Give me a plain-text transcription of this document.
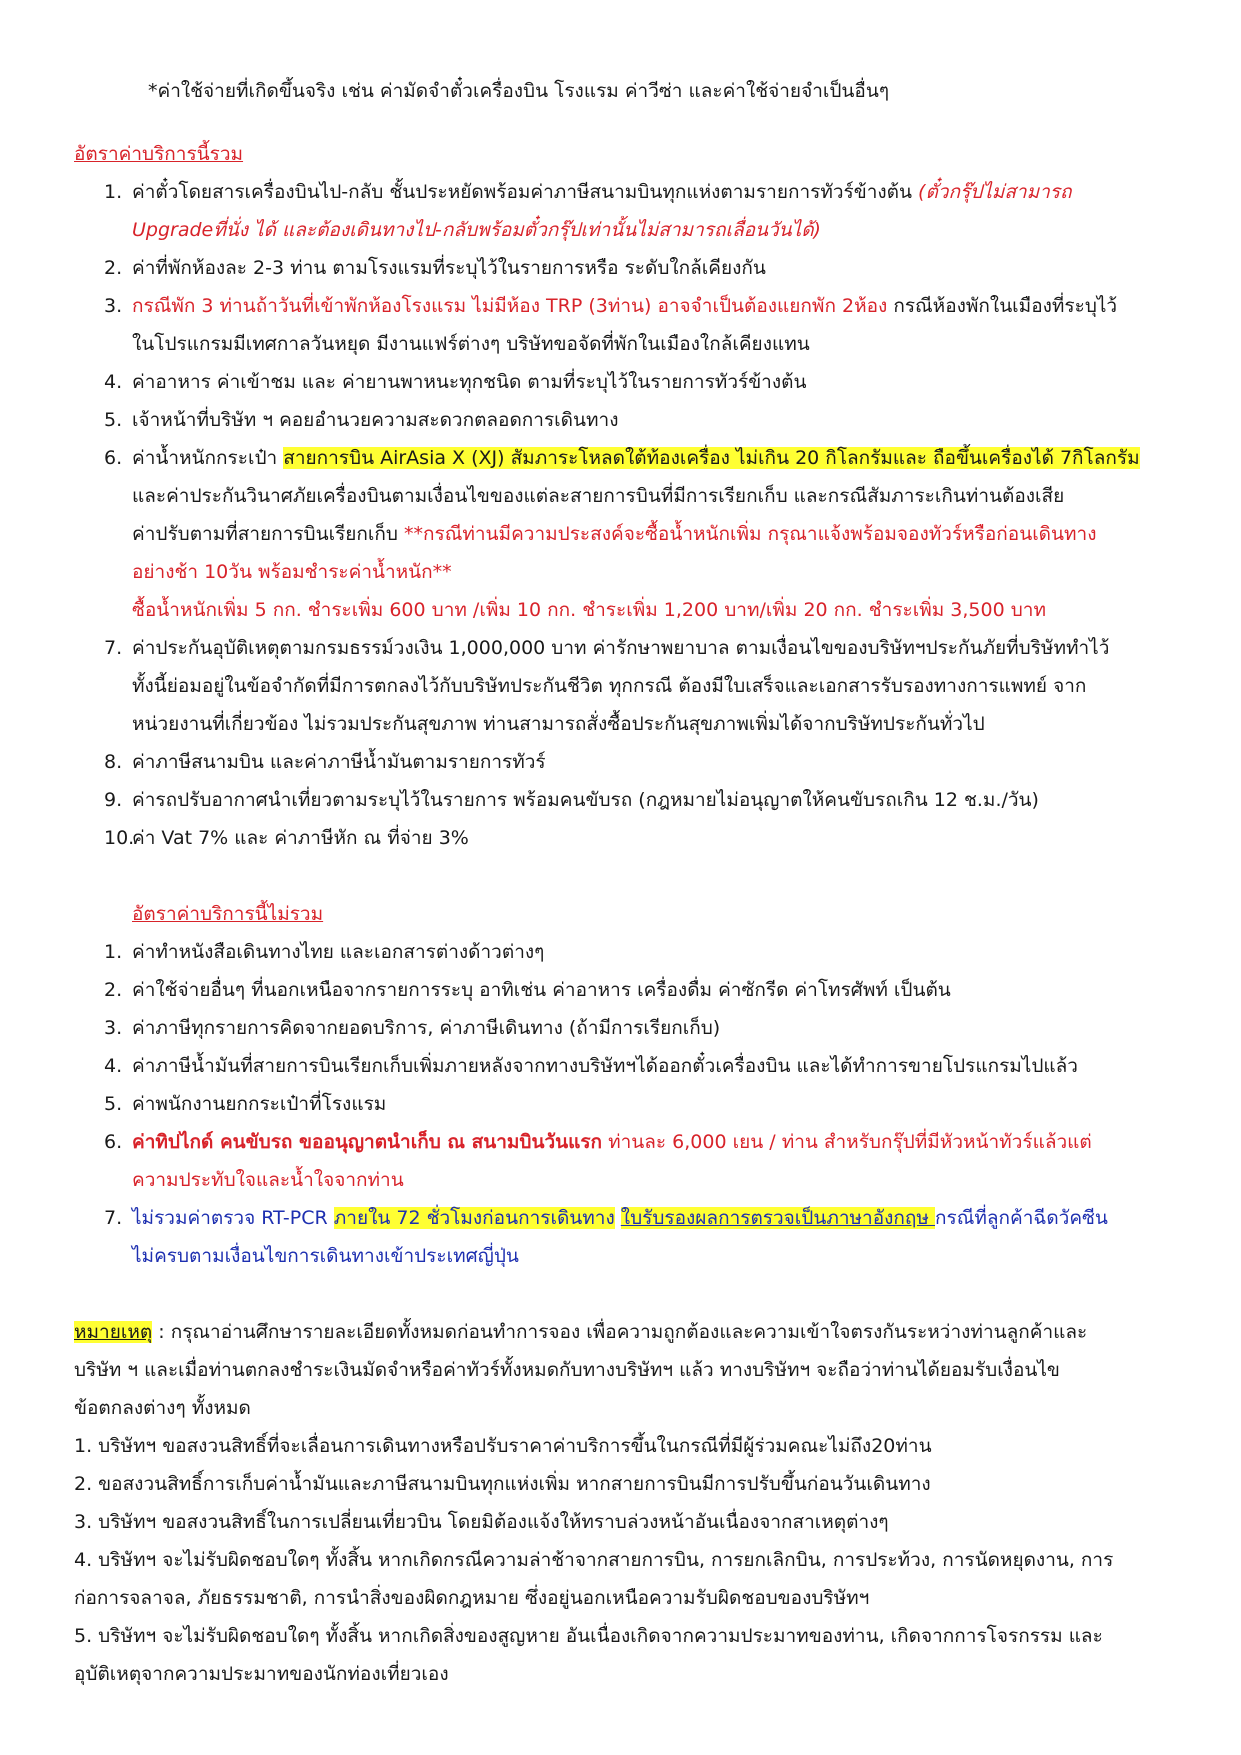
*ค่าใช้จ่ายที่เกิดขึ้นจริง เช่น ค่ามัดจำตั๋วเครื่องบิน โรงแรม ค่าวีซ่า และค่าใช้จ่ายจำเป็นอื่นๆ
อัตราค่าบริการนี้รวม
1. ค่าตั๋วโดยสารเครื่องบินไป-กลับ ชั้นประหยัดพร้อมค่าภาษีสนามบินทุกแห่งตามรายการทัวร์ข้างต้น (ตั๋วกรุ๊ปไม่สามารถ
Upgradeที่นั่ง ได้ และต้องเดินทางไป-กลับพร้อมตั๋วกรุ๊ปเท่านั้นไม่สามารถเลื่อนวันได้)
2. ค่าที่พักห้องละ 2-3 ท่าน ตามโรงแรมที่ระบุไว้ในรายการหรือ ระดับใกล้เคียงกัน
3. กรณีพัก 3 ท่านถ้าวันที่เข้าพักห้องโรงแรม ไม่มีห้อง TRP (3ท่าน) อาจจำเป็นต้องแยกพัก 2ห้อง กรณีห้องพักในเมืองที่ระบุไว้
ในโปรแกรมมีเทศกาลวันหยุด มีงานแฟร์ต่างๆ บริษัทขอจัดที่พักในเมืองใกล้เคียงแทน
4. ค่าอาหาร ค่าเข้าชม และ ค่ายานพาหนะทุกชนิด ตามที่ระบุไว้ในรายการทัวร์ข้างต้น
5. เจ้าหน้าที่บริษัท ฯ คอยอำนวยความสะดวกตลอดการเดินทาง
6. ค่าน้ำหนักกระเป๋า สายการบิน AirAsia X (XJ) สัมภาระโหลดใต้ท้องเครื่อง ไม่เกิน 20 กิโลกรัมและ ถือขึ้นเครื่องได้ 7กิโลกรัม
และค่าประกันวินาศภัยเครื่องบินตามเงื่อนไขของแต่ละสายการบินที่มีการเรียกเก็บ และกรณีสัมภาระเกินท่านต้องเสีย
ค่าปรับตามที่สายการบินเรียกเก็บ **กรณีท่านมีความประสงค์จะซื้อน้ำหนักเพิ่ม กรุณาแจ้งพร้อมจองทัวร์หรือก่อนเดินทาง
อย่างช้า 10วัน พร้อมชำระค่าน้ำหนัก**
ซื้อน้ำหนักเพิ่ม 5 กก. ชำระเพิ่ม 600 บาท /เพิ่ม 10 กก. ชำระเพิ่ม 1,200 บาท/เพิ่ม 20 กก. ชำระเพิ่ม 3,500 บาท
7. ค่าประกันอุบัติเหตุตามกรมธรรม์วงเงิน 1,000,000 บาท ค่ารักษาพยาบาล ตามเงื่อนไขของบริษัทฯประกันภัยที่บริษัททำไว้
ทั้งนี้ย่อมอยู่ในข้อจำกัดที่มีการตกลงไว้กับบริษัทประกันชีวิต ทุกกรณี ต้องมีใบเสร็จและเอกสารรับรองทางการแพทย์ จาก
หน่วยงานที่เกี่ยวข้อง ไม่รวมประกันสุขภาพ ท่านสามารถสั่งซื้อประกันสุขภาพเพิ่มได้จากบริษัทประกันทั่วไป
8. ค่าภาษีสนามบิน และค่าภาษีน้ำมันตามรายการทัวร์
9. ค่ารถปรับอากาศนำเที่ยวตามระบุไว้ในรายการ พร้อมคนขับรถ (กฎหมายไม่อนุญาตให้คนขับรถเกิน 12 ช.ม./วัน)
10.
ค่า Vat 7% และ ค่าภาษีหัก ณ ที่จ่าย 3%
อัตราค่าบริการนี้ไม่รวม
1. ค่าทำหนังสือเดินทางไทย และเอกสารต่างด้าวต่างๆ
2. ค่าใช้จ่ายอื่นๆ ที่นอกเหนือจากรายการระบุ อาทิเช่น ค่าอาหาร เครื่องดื่ม ค่าซักรีด ค่าโทรศัพท์ เป็นต้น
3. ค่าภาษีทุกรายการคิดจากยอดบริการ, ค่าภาษีเดินทาง (ถ้ามีการเรียกเก็บ)
4. ค่าภาษีน้ำมันที่สายการบินเรียกเก็บเพิ่มภายหลังจากทางบริษัทฯได้ออกตั๋วเครื่องบิน และได้ทำการขายโปรแกรมไปแล้ว
5. ค่าพนักงานยกกระเป๋าที่โรงแรม
6. ค่าทิปไกด์ คนขับรถ ขออนุญาตนำเก็บ ณ สนามบินวันแรก ท่านละ 6,000 เยน / ท่าน สำหรับกรุ๊ปที่มีหัวหน้าทัวร์แล้วแต่
ความประทับใจและน้ำใจจากท่าน
7. ไม่รวมค่าตรวจ RT-PCR ภายใน 72 ชั่วโมงก่อนการเดินทาง ใบรับรองผลการตรวจเป็นภาษาอังกฤษ กรณีที่ลูกค้าฉีดวัคซีน
ไม่ครบตามเงื่อนไขการเดินทางเข้าประเทศญี่ปุ่น
หมายเหตุ : กรุณาอ่านศึกษารายละเอียดทั้งหมดก่อนทำการจอง เพื่อความถูกต้องและความเข้าใจตรงกันระหว่างท่านลูกค้าและ
บริษัท ฯ และเมื่อท่านตกลงชำระเงินมัดจำหรือค่าทัวร์ทั้งหมดกับทางบริษัทฯ แล้ว ทางบริษัทฯ จะถือว่าท่านได้ยอมรับเงื่อนไข
ข้อตกลงต่างๆ ทั้งหมด
1. บริษัทฯ ขอสงวนสิทธิ์ที่จะเลื่อนการเดินทางหรือปรับราคาค่าบริการขึ้นในกรณีที่มีผู้ร่วมคณะไม่ถึง20ท่าน
2. ขอสงวนสิทธิ์การเก็บค่าน้ำมันและภาษีสนามบินทุกแห่งเพิ่ม หากสายการบินมีการปรับขึ้นก่อนวันเดินทาง
3. บริษัทฯ ขอสงวนสิทธิ์ในการเปลี่ยนเที่ยวบิน โดยมิต้องแจ้งให้ทราบล่วงหน้าอันเนื่องจากสาเหตุต่างๆ
4. บริษัทฯ จะไม่รับผิดชอบใดๆ ทั้งสิ้น หากเกิดกรณีความล่าช้าจากสายการบิน, การยกเลิกบิน, การประท้วง, การนัดหยุดงาน, การ
ก่อการจลาจล, ภัยธรรมชาติ, การนำสิ่งของผิดกฎหมาย ซึ่งอยู่นอกเหนือความรับผิดชอบของบริษัทฯ
5. บริษัทฯ จะไม่รับผิดชอบใดๆ ทั้งสิ้น หากเกิดสิ่งของสูญหาย อันเนื่องเกิดจากความประมาทของท่าน, เกิดจากการโจรกรรม และ
อุบัติเหตุจากความประมาทของนักท่องเที่ยวเอง
